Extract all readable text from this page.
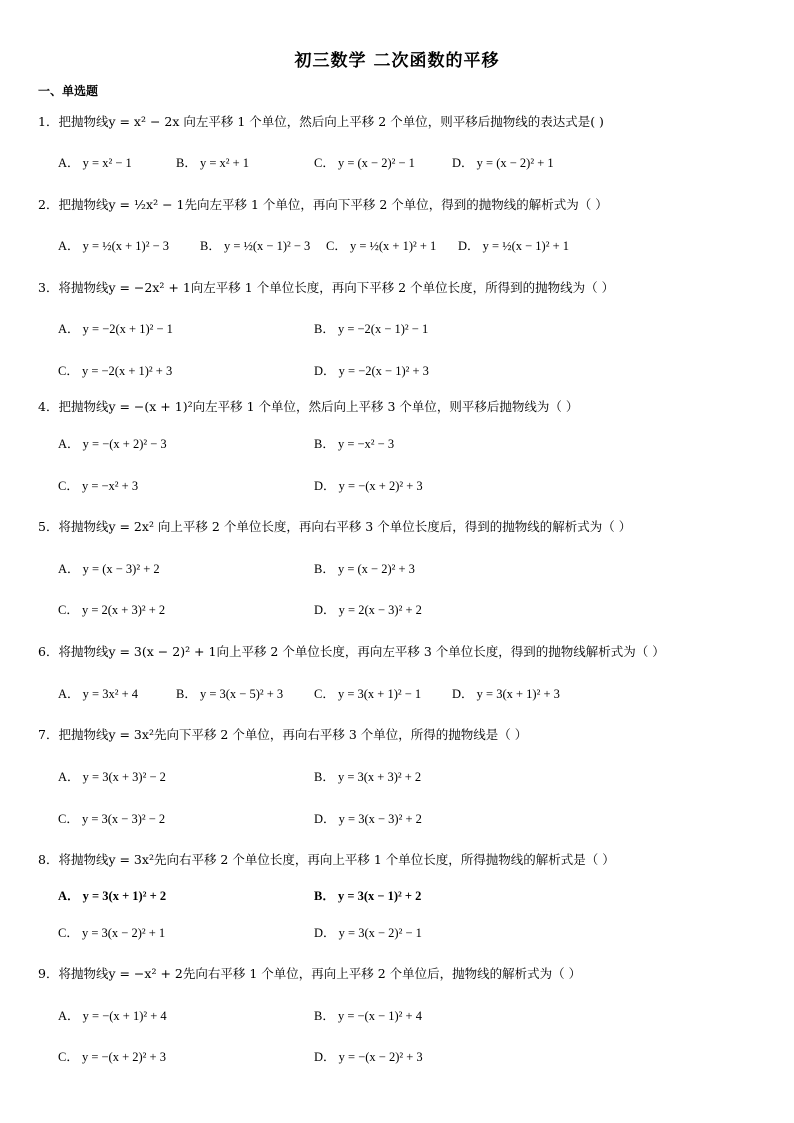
初三数学 二次函数的平移
一、单选题
1．把抛物线y = x² − 2x 向左平移 1 个单位，然后向上平移 2 个单位，则平移后抛物线的表达式是( )
A． y = x² − 1	B． y = x² + 1	C． y = (x − 2)² − 1	D． y = (x − 2)² + 1
2．把抛物线y = ½x² − 1先向左平移 1 个单位，再向下平移 2 个单位，得到的抛物线的解析式为（ ）
A． y = ½(x + 1)² − 3 B． y = ½(x − 1)² − 3 C． y = ½(x + 1)² + 1 D． y = ½(x − 1)² + 1
3．将抛物线y = −2x² + 1向左平移 1 个单位长度，再向下平移 2 个单位长度，所得到的抛物线为（ ）
A． y = −2(x + 1)² − 1	B． y = −2(x − 1)² − 1
C． y = −2(x + 1)² + 3	D． y = −2(x − 1)² + 3
4．把抛物线y = −(x + 1)²向左平移 1 个单位，然后向上平移 3 个单位，则平移后抛物线为（ ）
A． y = −(x + 2)² − 3	B． y = −x² − 3
C． y = −x² + 3	D． y = −(x + 2)² + 3
5．将抛物线y = 2x² 向上平移 2 个单位长度，再向右平移 3 个单位长度后，得到的抛物线的解析式为（ ）
A． y = (x − 3)² + 2	B． y = (x − 2)² + 3
C． y = 2(x + 3)² + 2	D． y = 2(x − 3)² + 2
6．将抛物线y = 3(x − 2)² + 1向上平移 2 个单位长度，再向左平移 3 个单位长度，得到的抛物线解析式为（ ）
A． y = 3x² + 4	B． y = 3(x − 5)² + 3 C． y = 3(x + 1)² − 1 D． y = 3(x + 1)² + 3
7．把抛物线y = 3x²先向下平移 2 个单位，再向右平移 3 个单位，所得的抛物线是（ ）
A． y = 3(x + 3)² − 2	B． y = 3(x + 3)² + 2
C． y = 3(x − 3)² − 2	D． y = 3(x − 3)² + 2
8．将抛物线y = 3x²先向右平移 2 个单位长度，再向上平移 1 个单位长度，所得抛物线的解析式是（ ）
A． y = 3(x + 1)² + 2	B． y = 3(x − 1)² + 2
C． y = 3(x − 2)² + 1	D． y = 3(x − 2)² − 1
9．将抛物线y = −x² + 2先向右平移 1 个单位，再向上平移 2 个单位后，抛物线的解析式为（ ）
A． y = −(x + 1)² + 4	B． y = −(x − 1)² + 4
C． y = −(x + 2)² + 3	D． y = −(x − 2)² + 3
